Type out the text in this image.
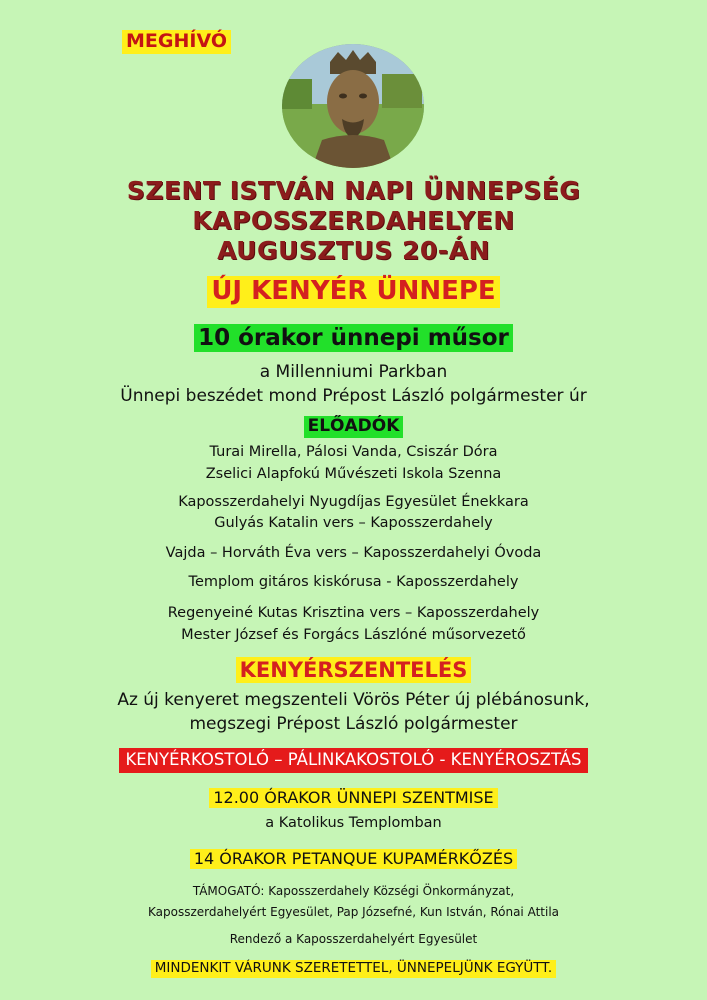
MEGHÍVÓ
SZENT ISTVÁN NAPI ÜNNEPSÉG
KAPOSSZERDAHELYEN
AUGUSZTUS 20-ÁN
ÚJ KENYÉR ÜNNEPE
10 órakor ünnepi műsor
a Millenniumi Parkban
Ünnepi beszédet mond Prépost László polgármester úr
ELŐADÓK
Turai Mirella, Pálosi Vanda, Csiszár Dóra
Zselici Alapfokú Művészeti Iskola Szenna
Kaposszerdahelyi Nyugdíjas Egyesület Énekkara
Gulyás Katalin vers – Kaposszerdahely
Vajda – Horváth Éva vers – Kaposszerdahelyi Óvoda
Templom gitáros kiskórusa - Kaposszerdahely
Regenyeiné Kutas Krisztina vers – Kaposszerdahely
Mester József és Forgács Lászlóné műsorvezető
KENYÉRSZENTELÉS
Az új kenyeret megszenteli Vörös Péter új plébánosunk,
megszegi Prépost László polgármester
KENYÉRKOSTOLÓ – PÁLINKAKOSTOLÓ - KENYÉROSZTÁS
12.00 ÓRAKOR ÜNNEPI SZENTMISE
a Katolikus Templomban
14 ÓRAKOR PETANQUE KUPAMÉRKŐZÉS
TÁMOGATÓ: Kaposszerdahely Községi Önkormányzat,
Kaposszerdahelyért Egyesület, Pap Józsefné, Kun István, Rónai Attila
Rendező a Kaposszerdahelyért Egyesület
MINDENKIT VÁRUNK SZERETETTEL, ÜNNEPELJÜNK EGYÜTT.
